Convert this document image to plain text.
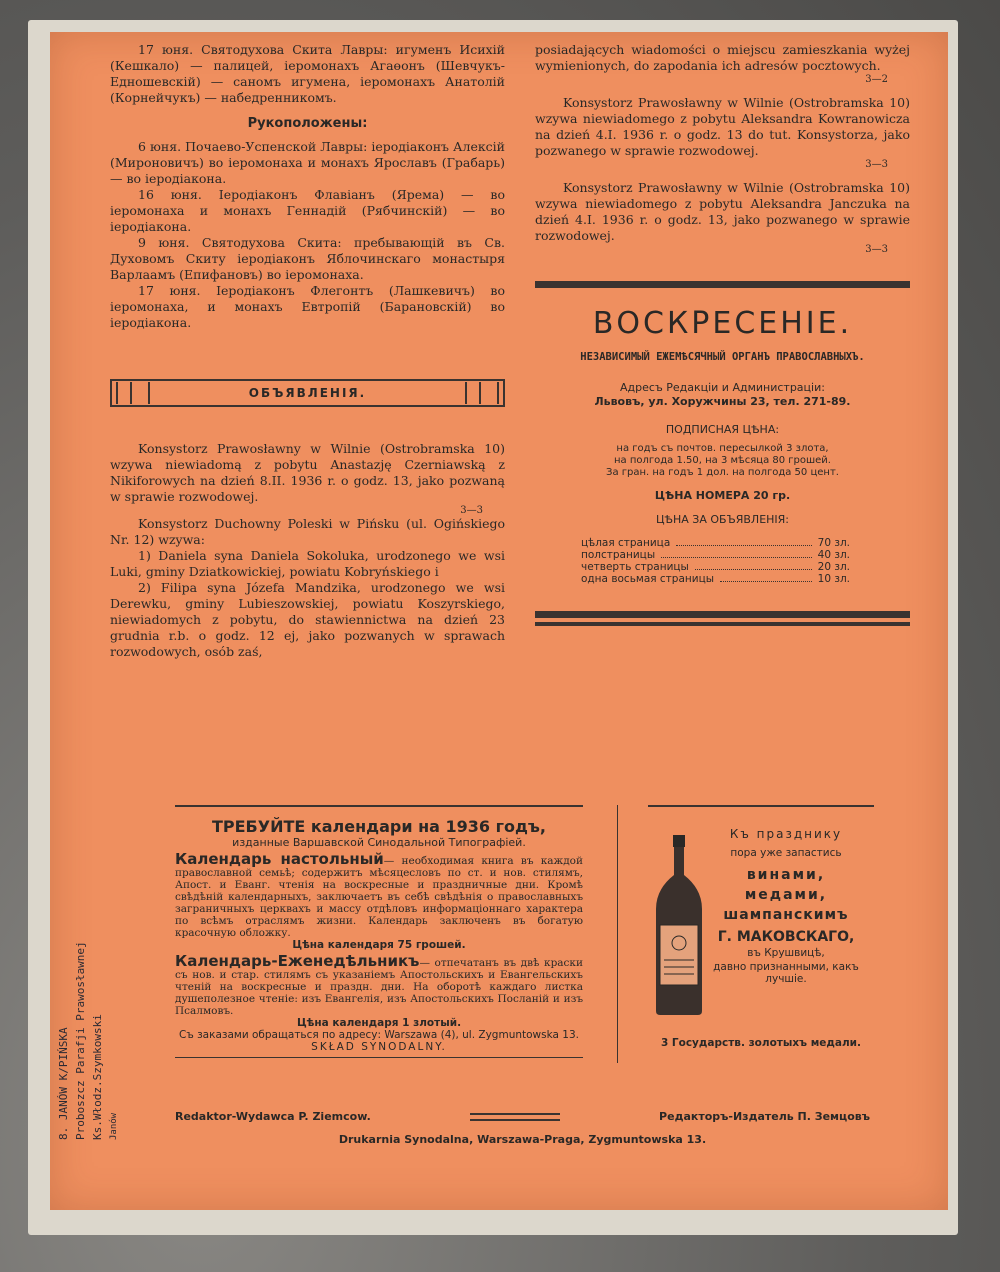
17 юня. Святодухова Скита Лавры: игуменъ Исихій (Кешкало) — палицей, іеромонахъ Агаөонъ (Шевчукъ-Едношевскій) — саномъ игумена, іеромонахъ Анатолій (Корнейчукъ) — набедренникомъ.

Рукоположены:

6 юня. Почаево-Успенской Лавры: іеродіаконъ Алексій (Мироновичъ) во іеромонаха и монахъ Ярославъ (Грабарь) — во іеродіакона.

16 юня. Іеродіаконъ Флавіанъ (Ярема) — во іеромонаха и монахъ Геннадій (Рябчинскій) — во іеродіакона.

9 юня. Святодухова Скита: пребывающій въ Св. Духовомъ Скиту іеродіаконъ Яблочинскаго монастыря Варлаамъ (Епифановъ) во іеромонаха.

17 юня. Іеродіаконъ Флегонтъ (Лашкевичъ) во іеромонаха, и монахъ Евтропій (Барановскій) во іеродіакона.

ОБЪЯВЛЕНІЯ.

Konsystorz Prawosławny w Wilnie (Ostrobramska 10) wzywa niewiadomą z pobytu Anastazję Czerniawską z Nikiforowych na dzień 8.II. 1936 r. o godz. 13, jako pozwaną w sprawie rozwodowej.

3—3

Konsystorz Duchowny Poleski w Pińsku (ul. Ogińskiego Nr. 12) wzywa:

1) Daniela syna Daniela Sokoluka, urodzonego we wsi Luki, gminy Dziatkowickiej, powiatu Kobryńskiego i

2) Filipa syna Józefa Mandzika, urodzonego we wsi Derewku, gminy Lubieszowskiej, powiatu Koszyrskiego, niewiadomych z pobytu, do stawiennictwa na dzień 23 grudnia r.b. o godz. 12 ej, jako pozwanych w sprawach rozwodowych, osób zaś,

posiadających wiadomości o miejscu zamieszkania wyżej wymienionych, do zapodania ich adresów pocztowych.

3—2

Konsystorz Prawosławny w Wilnie (Ostrobramska 10) wzywa niewiadomego z pobytu Aleksandra Kowranowicza na dzień 4.I. 1936 r. o godz. 13 do tut. Konsystorza, jako pozwanego w sprawie rozwodowej.

3—3

Konsystorz Prawosławny w Wilnie (Ostrobramska 10) wzywa niewiadomego z pobytu Aleksandra Janczuka na dzień 4.I. 1936 r. o godz. 13, jako pozwanego w sprawie rozwodowej.

3—3
ВОСКРЕСЕНІЕ.
НЕЗАВИСИМЫЙ ЕЖЕМѢСЯЧНЫЙ ОРГАНЪ ПРАВОСЛАВНЫХЪ.
Адресъ Редакціи и Администраціи:
Львовъ, ул. Хоружчины 23, тел. 271-89.
ПОДПИСНАЯ ЦѢНА:
на годъ съ почтов. пересылкой 3 злота,
на полгода 1.50, на 3 мѣсяца 80 грошей.
За гран. на годъ 1 дол. на полгода 50 цент.
ЦѢНА НОМЕРА 20 гр.
ЦѢНА ЗА ОБЪЯВЛЕНІЯ:
цѣлая страница	70 зл.
полстраницы	40 зл.
четверть страницы	20 зл.
одна восьмая страницы	10 зл.
ТРЕБУЙТЕ календари на 1936 годъ,
изданные Варшавской Синодальной Типографіей.

Календарь настольный— необходимая книга въ каждой православной семьѣ; содержитъ мѣсяцесловъ по ст. и нов. стилямъ, Апост. и Еванг. чтенія на воскресные и праздничные дни. Кромѣ свѣдѣній календарныхъ, заключаетъ въ себѣ свѣдѣнія о православныхъ заграничныхъ церквахъ и массу отдѣловъ информаціоннаго характера по всѣмъ отраслямъ жизни. Календарь заключенъ въ богатую красочную обложку.

Цѣна календаря 75 грошей.

Календарь-Еженедѣльникъ— отпечатанъ въ двѣ краски съ нов. и стар. стилямъ съ указаніемъ Апостольскихъ и Евангельскихъ чтеній на воскресные и праздн. дни. На оборотѣ каждаго листка душеполезное чтеніе: изъ Евангелія, изъ Апостольскихъ Посланій и изъ Псалмовъ.

Цѣна календаря 1 злотый.
Съ заказами обращаться по адресу: Warszawa (4), ul. Zygmuntowska 13.
SKŁAD SYNODALNY.
Къ празднику
пора уже запастись
винами,
медами,
шампанскимъ
Г. МАКОВСКАГО,
въ Крушвицѣ,
давно признанными, какъ лучшіе.
3 Государств. золотыхъ медали.
Redaktor-Wydawca P. Ziemcow.	Редакторъ-Издатель П. Земцовъ
Drukarnia Synodalna, Warszawa-Praga, Zygmuntowska 13.
8. JANÓW K/PIŃSKA Proboszcz Parafji Prawosławnej Ks.Włodz.Szymkowski Janów
